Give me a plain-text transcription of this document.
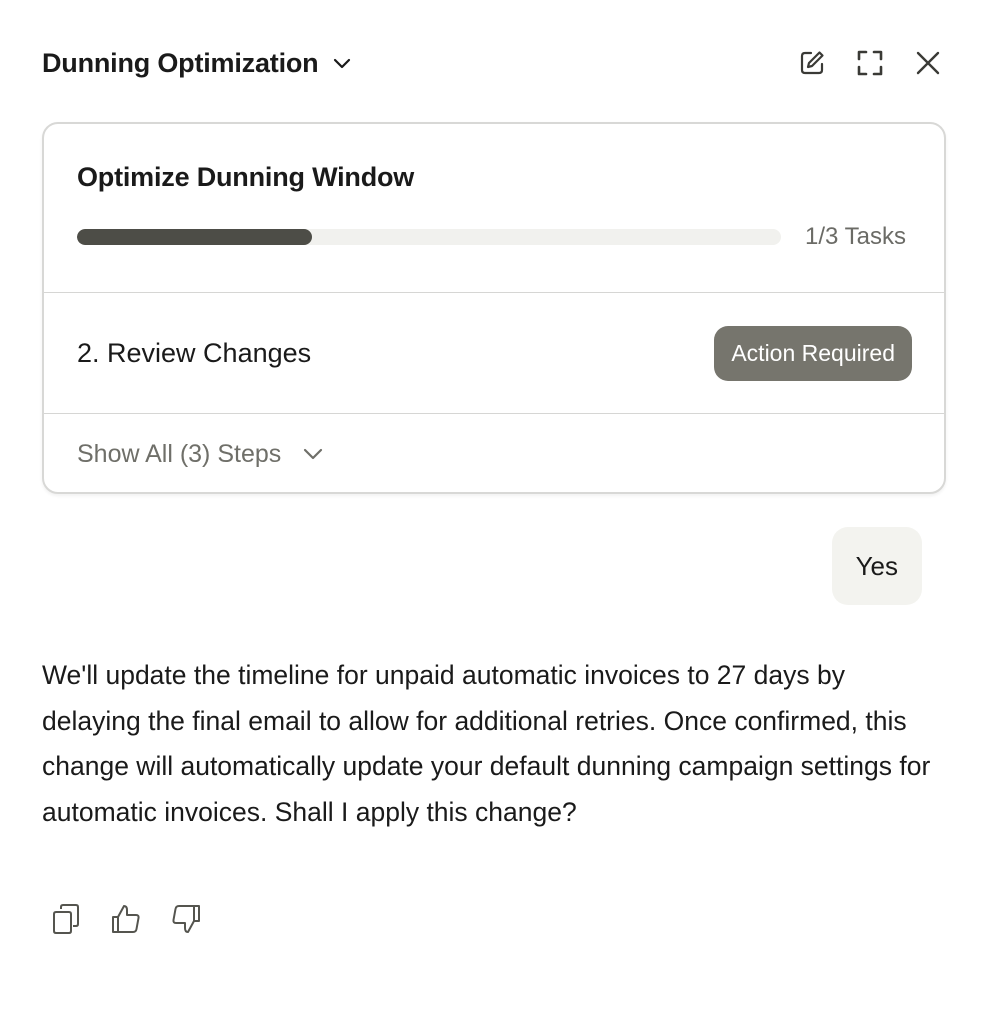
Dunning Optimization
Optimize Dunning Window
1/3 Tasks
2. Review Changes	Action Required
Show All (3) Steps
Yes
We'll update the timeline for unpaid automatic invoices to 27 days by delaying the final email to allow for additional retries. Once confirmed, this change will automatically update your default dunning campaign settings for automatic invoices. Shall I apply this change?
